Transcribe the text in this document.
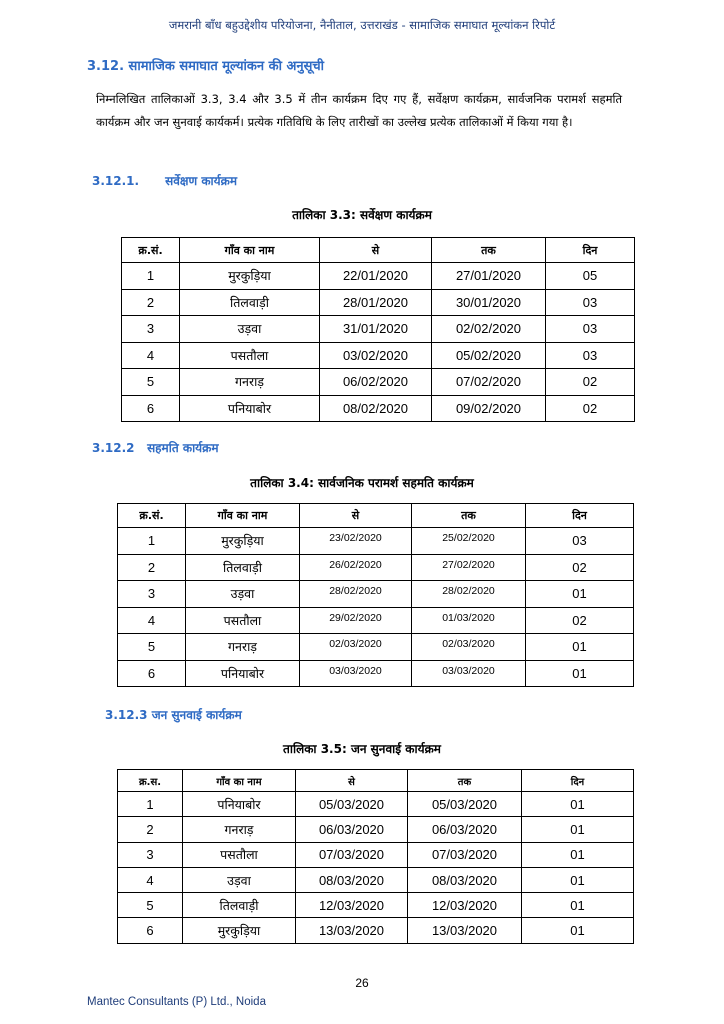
जमरानी बाँध बहुउद्देशीय परियोजना, नैनीताल, उत्तराखंड - सामाजिक समाघात मूल्यांकन रिपोर्ट
3.12. सामाजिक समाघात मूल्यांकन की अनुसूची
निम्नलिखित तालिकाओं 3.3, 3.4 और 3.5 में तीन कार्यक्रम दिए गए हैं, सर्वेक्षण कार्यक्रम, सार्वजनिक परामर्श सहमति कार्यक्रम और जन सुनवाई कार्यकर्म। प्रत्येक गतिविधि के लिए तारीखों का उल्लेख प्रत्येक तालिकाओं में किया गया है।
3.12.1. सर्वेक्षण कार्यक्रम
तालिका 3.3: सर्वेक्षण कार्यक्रम
क्र.सं.	गाँव का नाम	से	तक	दिन
1	मुरकुड़िया	22/01/2020	27/01/2020	05
2	तिलवाड़ी	28/01/2020	30/01/2020	03
3	उड़वा	31/01/2020	02/02/2020	03
4	पसतौला	03/02/2020	05/02/2020	03
5	गनराड़	06/02/2020	07/02/2020	02
6	पनियाबोर	08/02/2020	09/02/2020	02
3.12.2 सहमति कार्यक्रम
तालिका 3.4: सार्वजनिक परामर्श सहमति कार्यक्रम
क्र.सं.	गाँव का नाम	से	तक	दिन
1	मुरकुड़िया	23/02/2020	25/02/2020	03
2	तिलवाड़ी	26/02/2020	27/02/2020	02
3	उड़वा	28/02/2020	28/02/2020	01
4	पसतौला	29/02/2020	01/03/2020	02
5	गनराड़	02/03/2020	02/03/2020	01
6	पनियाबोर	03/03/2020	03/03/2020	01
3.12.3 जन सुनवाई कार्यक्रम
तालिका 3.5: जन सुनवाई कार्यक्रम
क्र.स.	गाँव का नाम	से	तक	दिन
1	पनियाबोर	05/03/2020	05/03/2020	01
2	गनराड़	06/03/2020	06/03/2020	01
3	पसतौला	07/03/2020	07/03/2020	01
4	उड़वा	08/03/2020	08/03/2020	01
5	तिलवाड़ी	12/03/2020	12/03/2020	01
6	मुरकुड़िया	13/03/2020	13/03/2020	01
26
Mantec Consultants (P) Ltd., Noida
